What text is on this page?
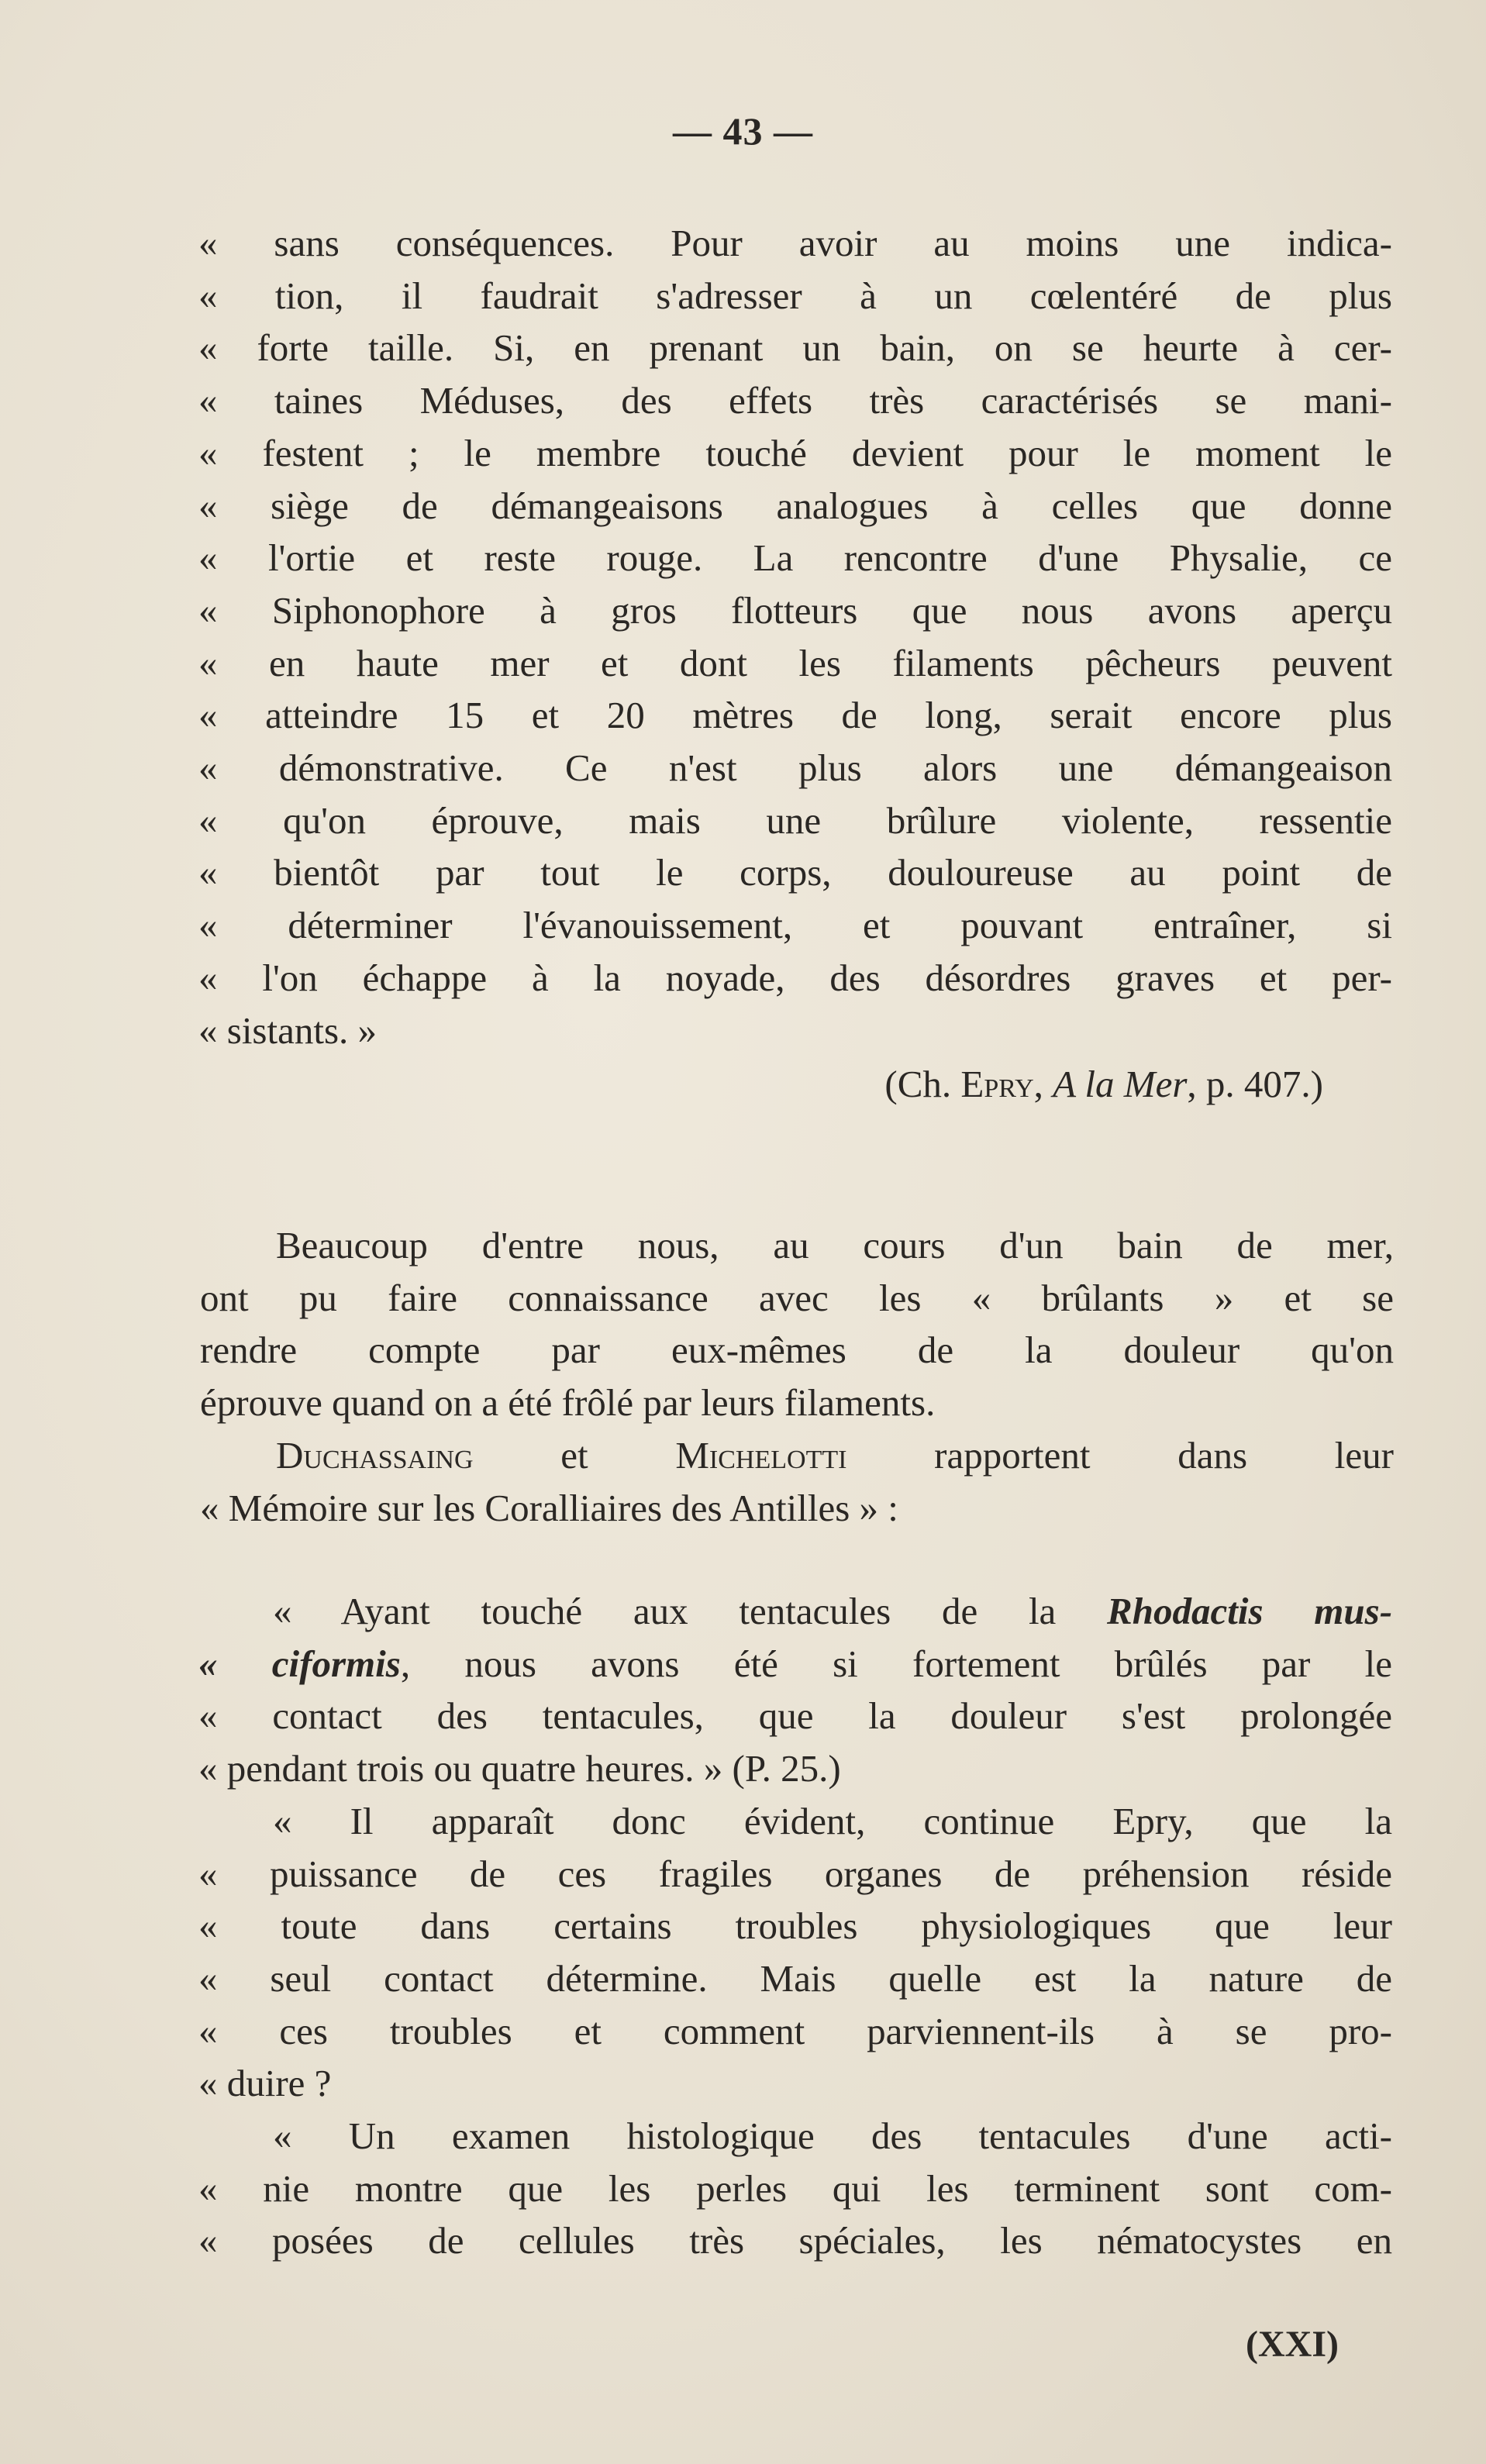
— 43 —
« sans conséquences. Pour avoir au moins une indica-
« tion, il faudrait s'adresser à un cœlentéré de plus
« forte taille. Si, en prenant un bain, on se heurte à cer-
« taines Méduses, des effets très caractérisés se mani-
« festent ; le membre touché devient pour le moment le
« siège de démangeaisons analogues à celles que donne
« l'ortie et reste rouge. La rencontre d'une Physalie, ce
« Siphonophore à gros flotteurs que nous avons aperçu
« en haute mer et dont les filaments pêcheurs peuvent
« atteindre 15 et 20 mètres de long, serait encore plus
« démonstrative. Ce n'est plus alors une démangeaison
« qu'on éprouve, mais une brûlure violente, ressentie
« bientôt par tout le corps, douloureuse au point de
« déterminer l'évanouissement, et pouvant entraîner, si
« l'on échappe à la noyade, des désordres graves et per-
« sistants. »
(Ch. Epry, A la Mer, p. 407.)
Beaucoup d'entre nous, au cours d'un bain de mer,
ont pu faire connaissance avec les « brûlants » et se
rendre compte par eux-mêmes de la douleur qu'on
éprouve quand on a été frôlé par leurs filaments.
Duchassaing et Michelotti rapportent dans leur
« Mémoire sur les Coralliaires des Antilles » :
« Ayant touché aux tentacules de la Rhodactis mus-
« ciformis, nous avons été si fortement brûlés par le
« contact des tentacules, que la douleur s'est prolongée
« pendant trois ou quatre heures. » (P. 25.)
« Il apparaît donc évident, continue Epry, que la
« puissance de ces fragiles organes de préhension réside
« toute dans certains troubles physiologiques que leur
« seul contact détermine. Mais quelle est la nature de
« ces troubles et comment parviennent-ils à se pro-
« duire ?
« Un examen histologique des tentacules d'une acti-
« nie montre que les perles qui les terminent sont com-
« posées de cellules très spéciales, les nématocystes en
(XXI)
